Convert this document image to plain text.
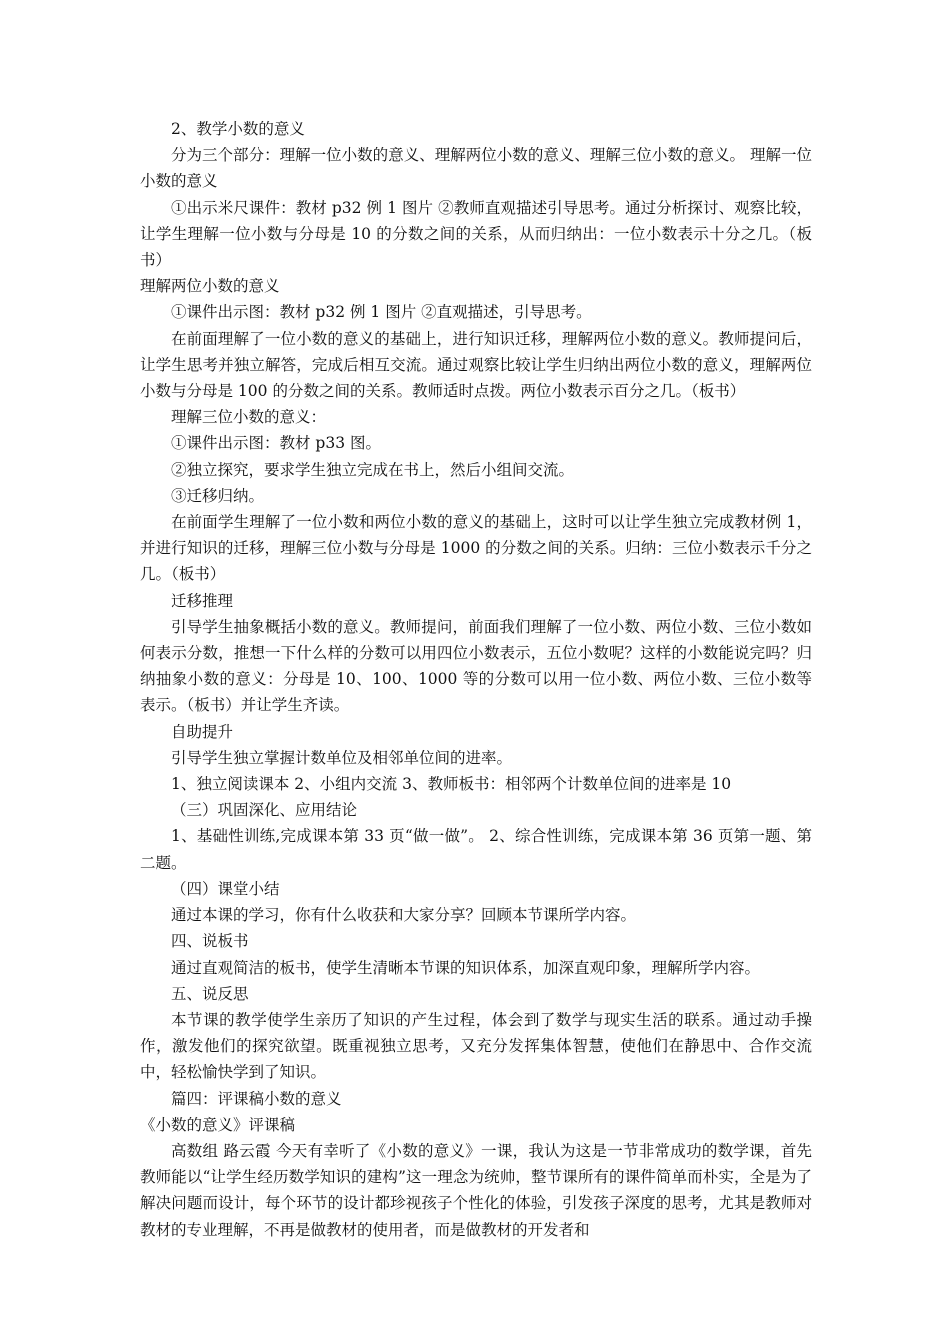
2、教学小数的意义

分为三个部分：理解一位小数的意义、理解两位小数的意义、理解三位小数的意义。 理解一位小数的意义

①出示米尺课件：教材 p32 例 1 图片 ②教师直观描述引导思考。通过分析探讨、观察比较，让学生理解一位小数与分母是 10 的分数之间的关系，从而归纳出：一位小数表示十分之几。（板书）

理解两位小数的意义

①课件出示图：教材 p32 例 1 图片 ②直观描述，引导思考。

在前面理解了一位小数的意义的基础上，进行知识迁移，理解两位小数的意义。教师提问后，让学生思考并独立解答，完成后相互交流。通过观察比较让学生归纳出两位小数的意义，理解两位小数与分母是 100 的分数之间的关系。教师适时点拨。两位小数表示百分之几。（板书）

理解三位小数的意义：

①课件出示图：教材 p33 图。

②独立探究，要求学生独立完成在书上，然后小组间交流。

③迁移归纳。

在前面学生理解了一位小数和两位小数的意义的基础上，这时可以让学生独立完成教材例 1，并进行知识的迁移，理解三位小数与分母是 1000 的分数之间的关系。归纳：三位小数表示千分之几。（板书）

迁移推理

引导学生抽象概括小数的意义。教师提问，前面我们理解了一位小数、两位小数、三位小数如何表示分数，推想一下什么样的分数可以用四位小数表示，五位小数呢？这样的小数能说完吗？归纳抽象小数的意义：分母是 10、100、1000 等的分数可以用一位小数、两位小数、三位小数等表示。（板书）并让学生齐读。

自助提升

引导学生独立掌握计数单位及相邻单位间的进率。

1、独立阅读课本 2、小组内交流 3、教师板书：相邻两个计数单位间的进率是 10

（三）巩固深化、应用结论

1、基础性训练,完成课本第 33 页“做一做”。 2、综合性训练，完成课本第 36 页第一题、第二题。

（四）课堂小结

通过本课的学习，你有什么收获和大家分享？回顾本节课所学内容。

四、说板书

通过直观简洁的板书，使学生清晰本节课的知识体系，加深直观印象，理解所学内容。

五、说反思

本节课的教学使学生亲历了知识的产生过程，体会到了数学与现实生活的联系。通过动手操作，激发他们的探究欲望。既重视独立思考，又充分发挥集体智慧，使他们在静思中、合作交流中，轻松愉快学到了知识。

篇四：评课稿小数的意义

《小数的意义》评课稿

高数组 路云霞 今天有幸听了《小数的意义》一课，我认为这是一节非常成功的数学课，首先教师能以“让学生经历数学知识的建构”这一理念为统帅，整节课所有的课件简单而朴实，全是为了解决问题而设计，每个环节的设计都珍视孩子个性化的体验，引发孩子深度的思考，尤其是教师对教材的专业理解，不再是做教材的使用者，而是做教材的开发者和
